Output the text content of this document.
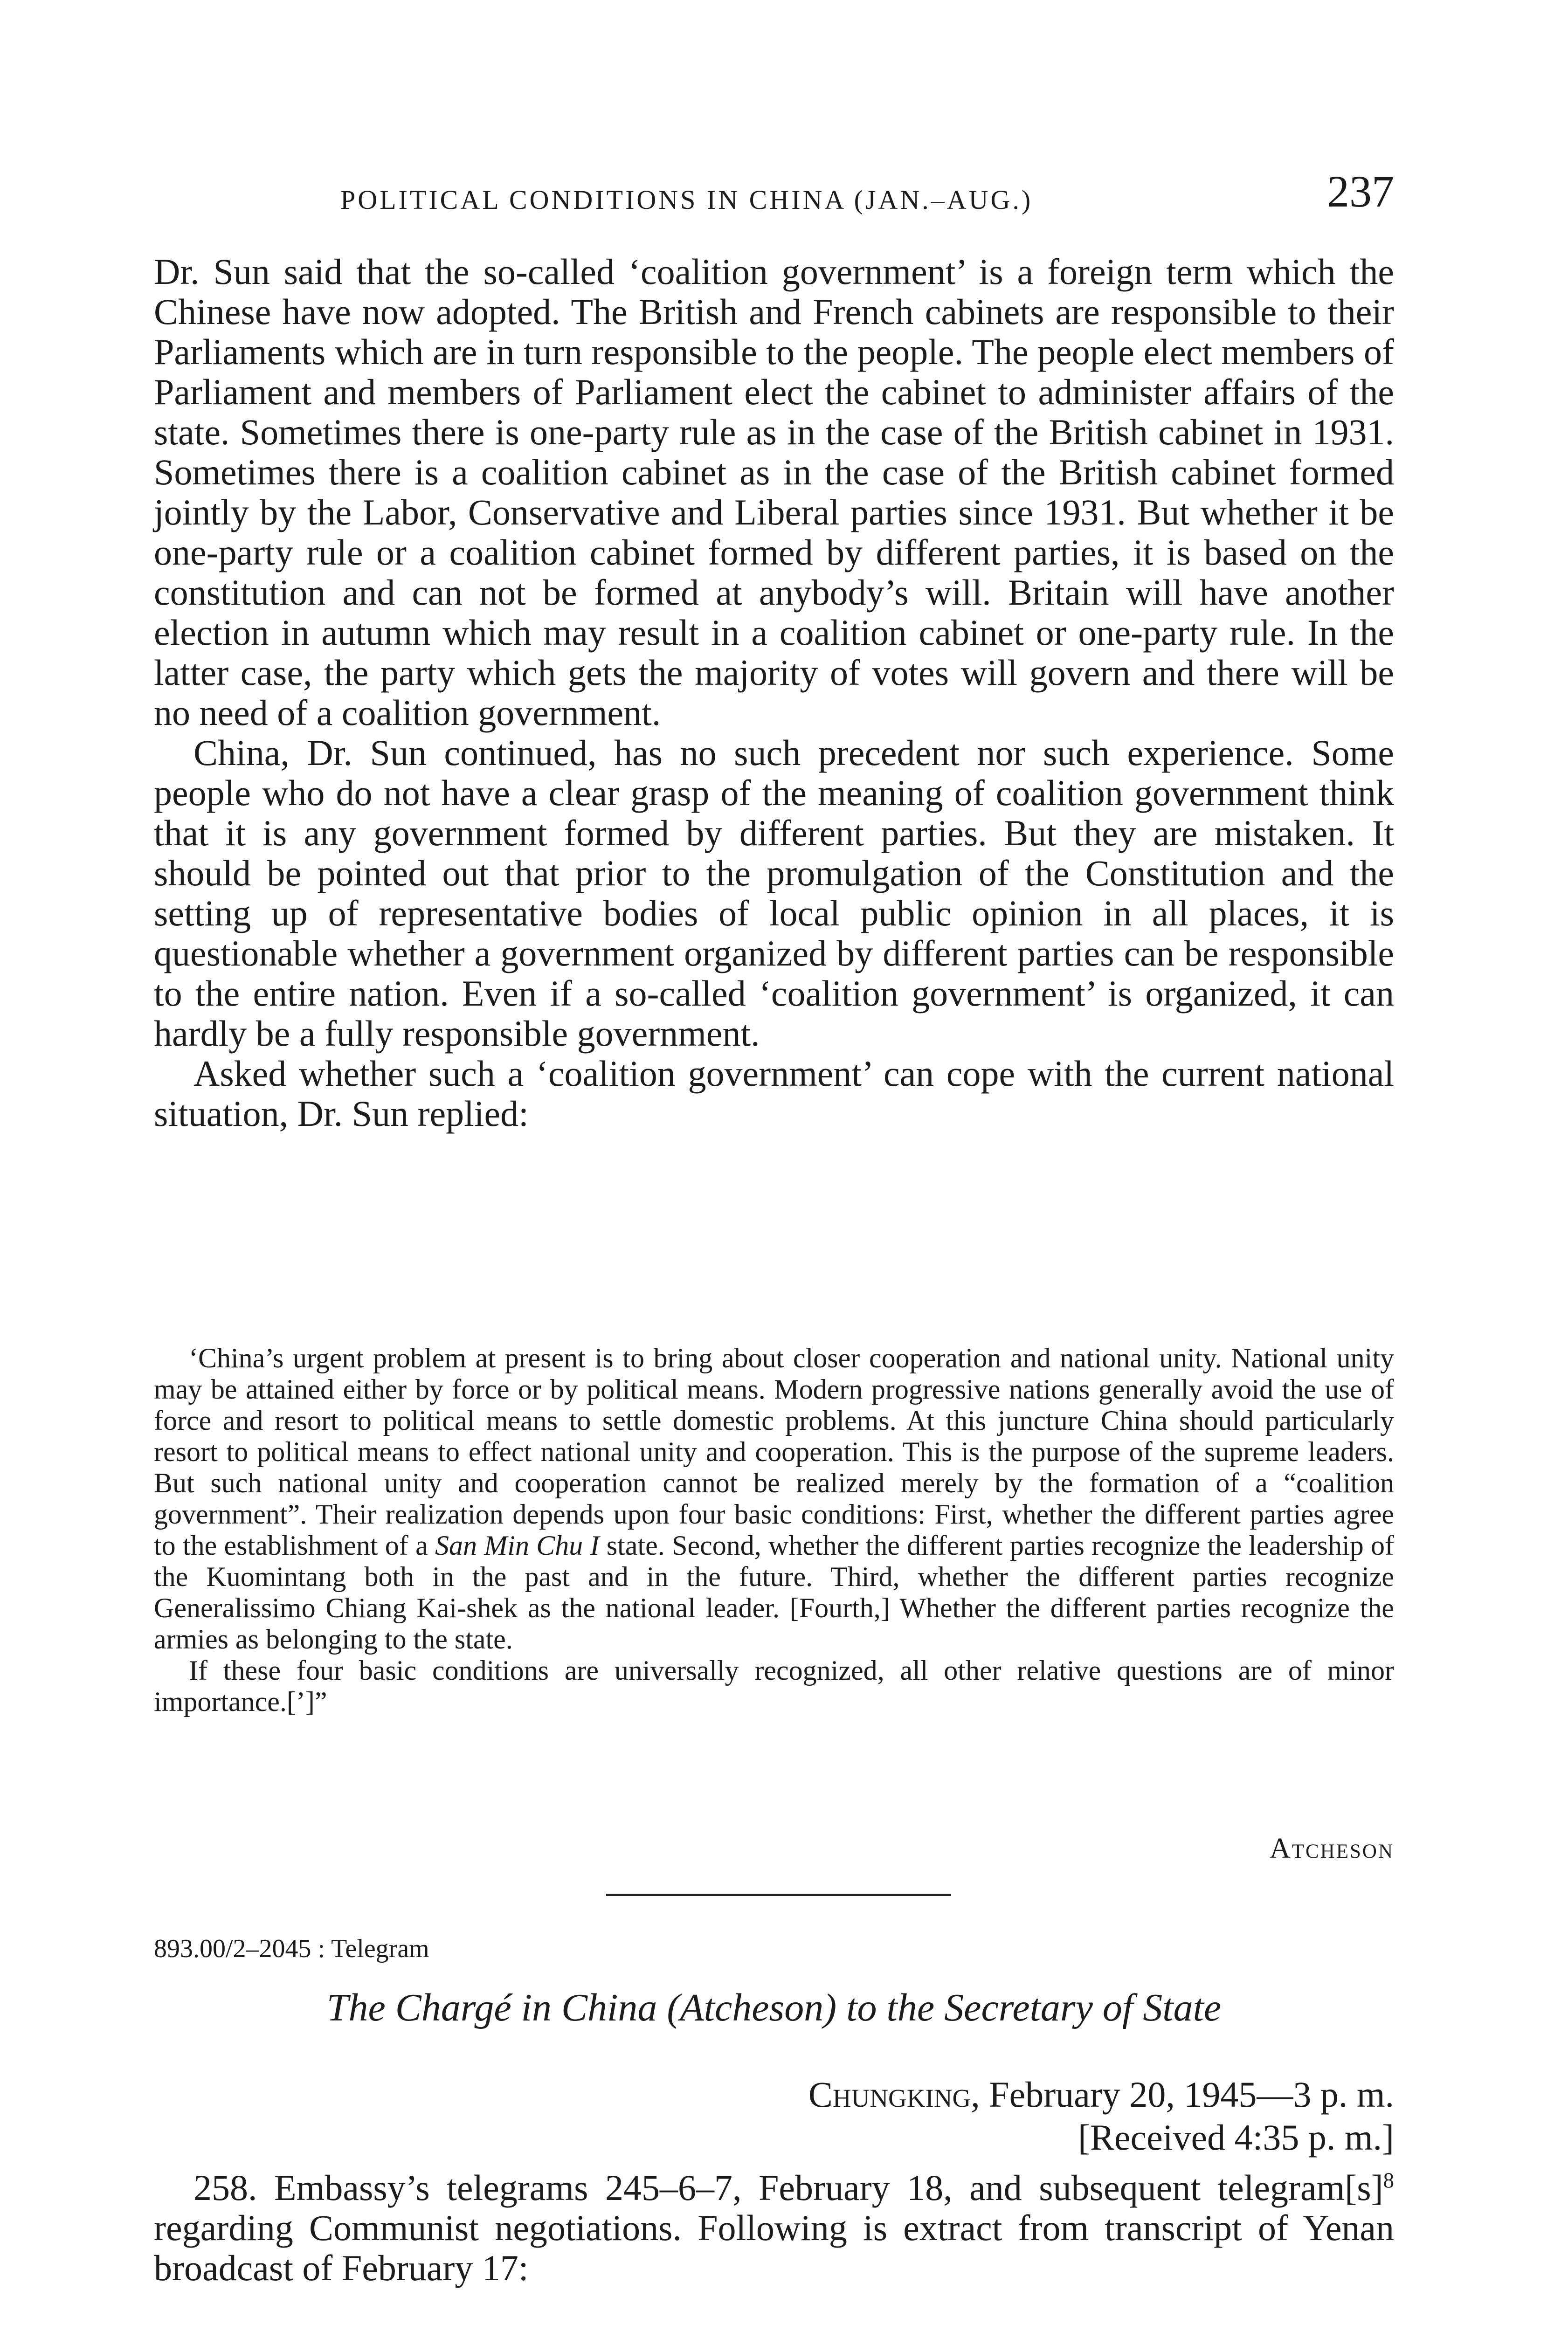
POLITICAL CONDITIONS IN CHINA (JAN.–AUG.)	237

Dr. Sun said that the so-called ‘coalition government’ is a foreign term which the Chinese have now adopted. The British and French cabinets are responsible to their Parliaments which are in turn responsible to the people. The people elect members of Parliament and members of Parliament elect the cabinet to administer affairs of the state. Sometimes there is one-party rule as in the case of the British cabinet in 1931. Sometimes there is a coalition cabinet as in the case of the British cabinet formed jointly by the Labor, Conservative and Liberal parties since 1931. But whether it be one-party rule or a coalition cabinet formed by different parties, it is based on the constitution and can not be formed at anybody’s will. Britain will have another election in autumn which may result in a coalition cabinet or one-party rule. In the latter case, the party which gets the majority of votes will govern and there will be no need of a coalition government.

China, Dr. Sun continued, has no such precedent nor such experience. Some people who do not have a clear grasp of the meaning of coalition government think that it is any government formed by different parties. But they are mistaken. It should be pointed out that prior to the promulgation of the Constitution and the setting up of representative bodies of local public opinion in all places, it is questionable whether a government organized by different parties can be responsible to the entire nation. Even if a so-called ‘coalition government’ is organized, it can hardly be a fully responsible government.

Asked whether such a ‘coalition government’ can cope with the current national situation, Dr. Sun replied:

‘China’s urgent problem at present is to bring about closer cooperation and national unity. National unity may be attained either by force or by political means. Modern progressive nations generally avoid the use of force and resort to political means to settle domestic problems. At this juncture China should particularly resort to political means to effect national unity and cooperation. This is the purpose of the supreme leaders. But such national unity and cooperation cannot be realized merely by the formation of a “coalition government”. Their realization depends upon four basic conditions: First, whether the different parties agree to the establishment of a San Min Chu I state. Second, whether the different parties recognize the leadership of the Kuomintang both in the past and in the future. Third, whether the different parties recognize Generalissimo Chiang Kai-shek as the national leader. [Fourth,] Whether the different parties recognize the armies as belonging to the state.

If these four basic conditions are universally recognized, all other relative questions are of minor importance.[’]”

Atcheson
893.00/2–2045 : Telegram
The Chargé in China (Atcheson) to the Secretary of State
Chungking, February 20, 1945—3 p. m.
[Received 4:35 p. m.]

258. Embassy’s telegrams 245–6–7, February 18, and subsequent $telegram[s]^8$ regarding Communist negotiations. Following is extract from transcript of Yenan broadcast of February 17:
